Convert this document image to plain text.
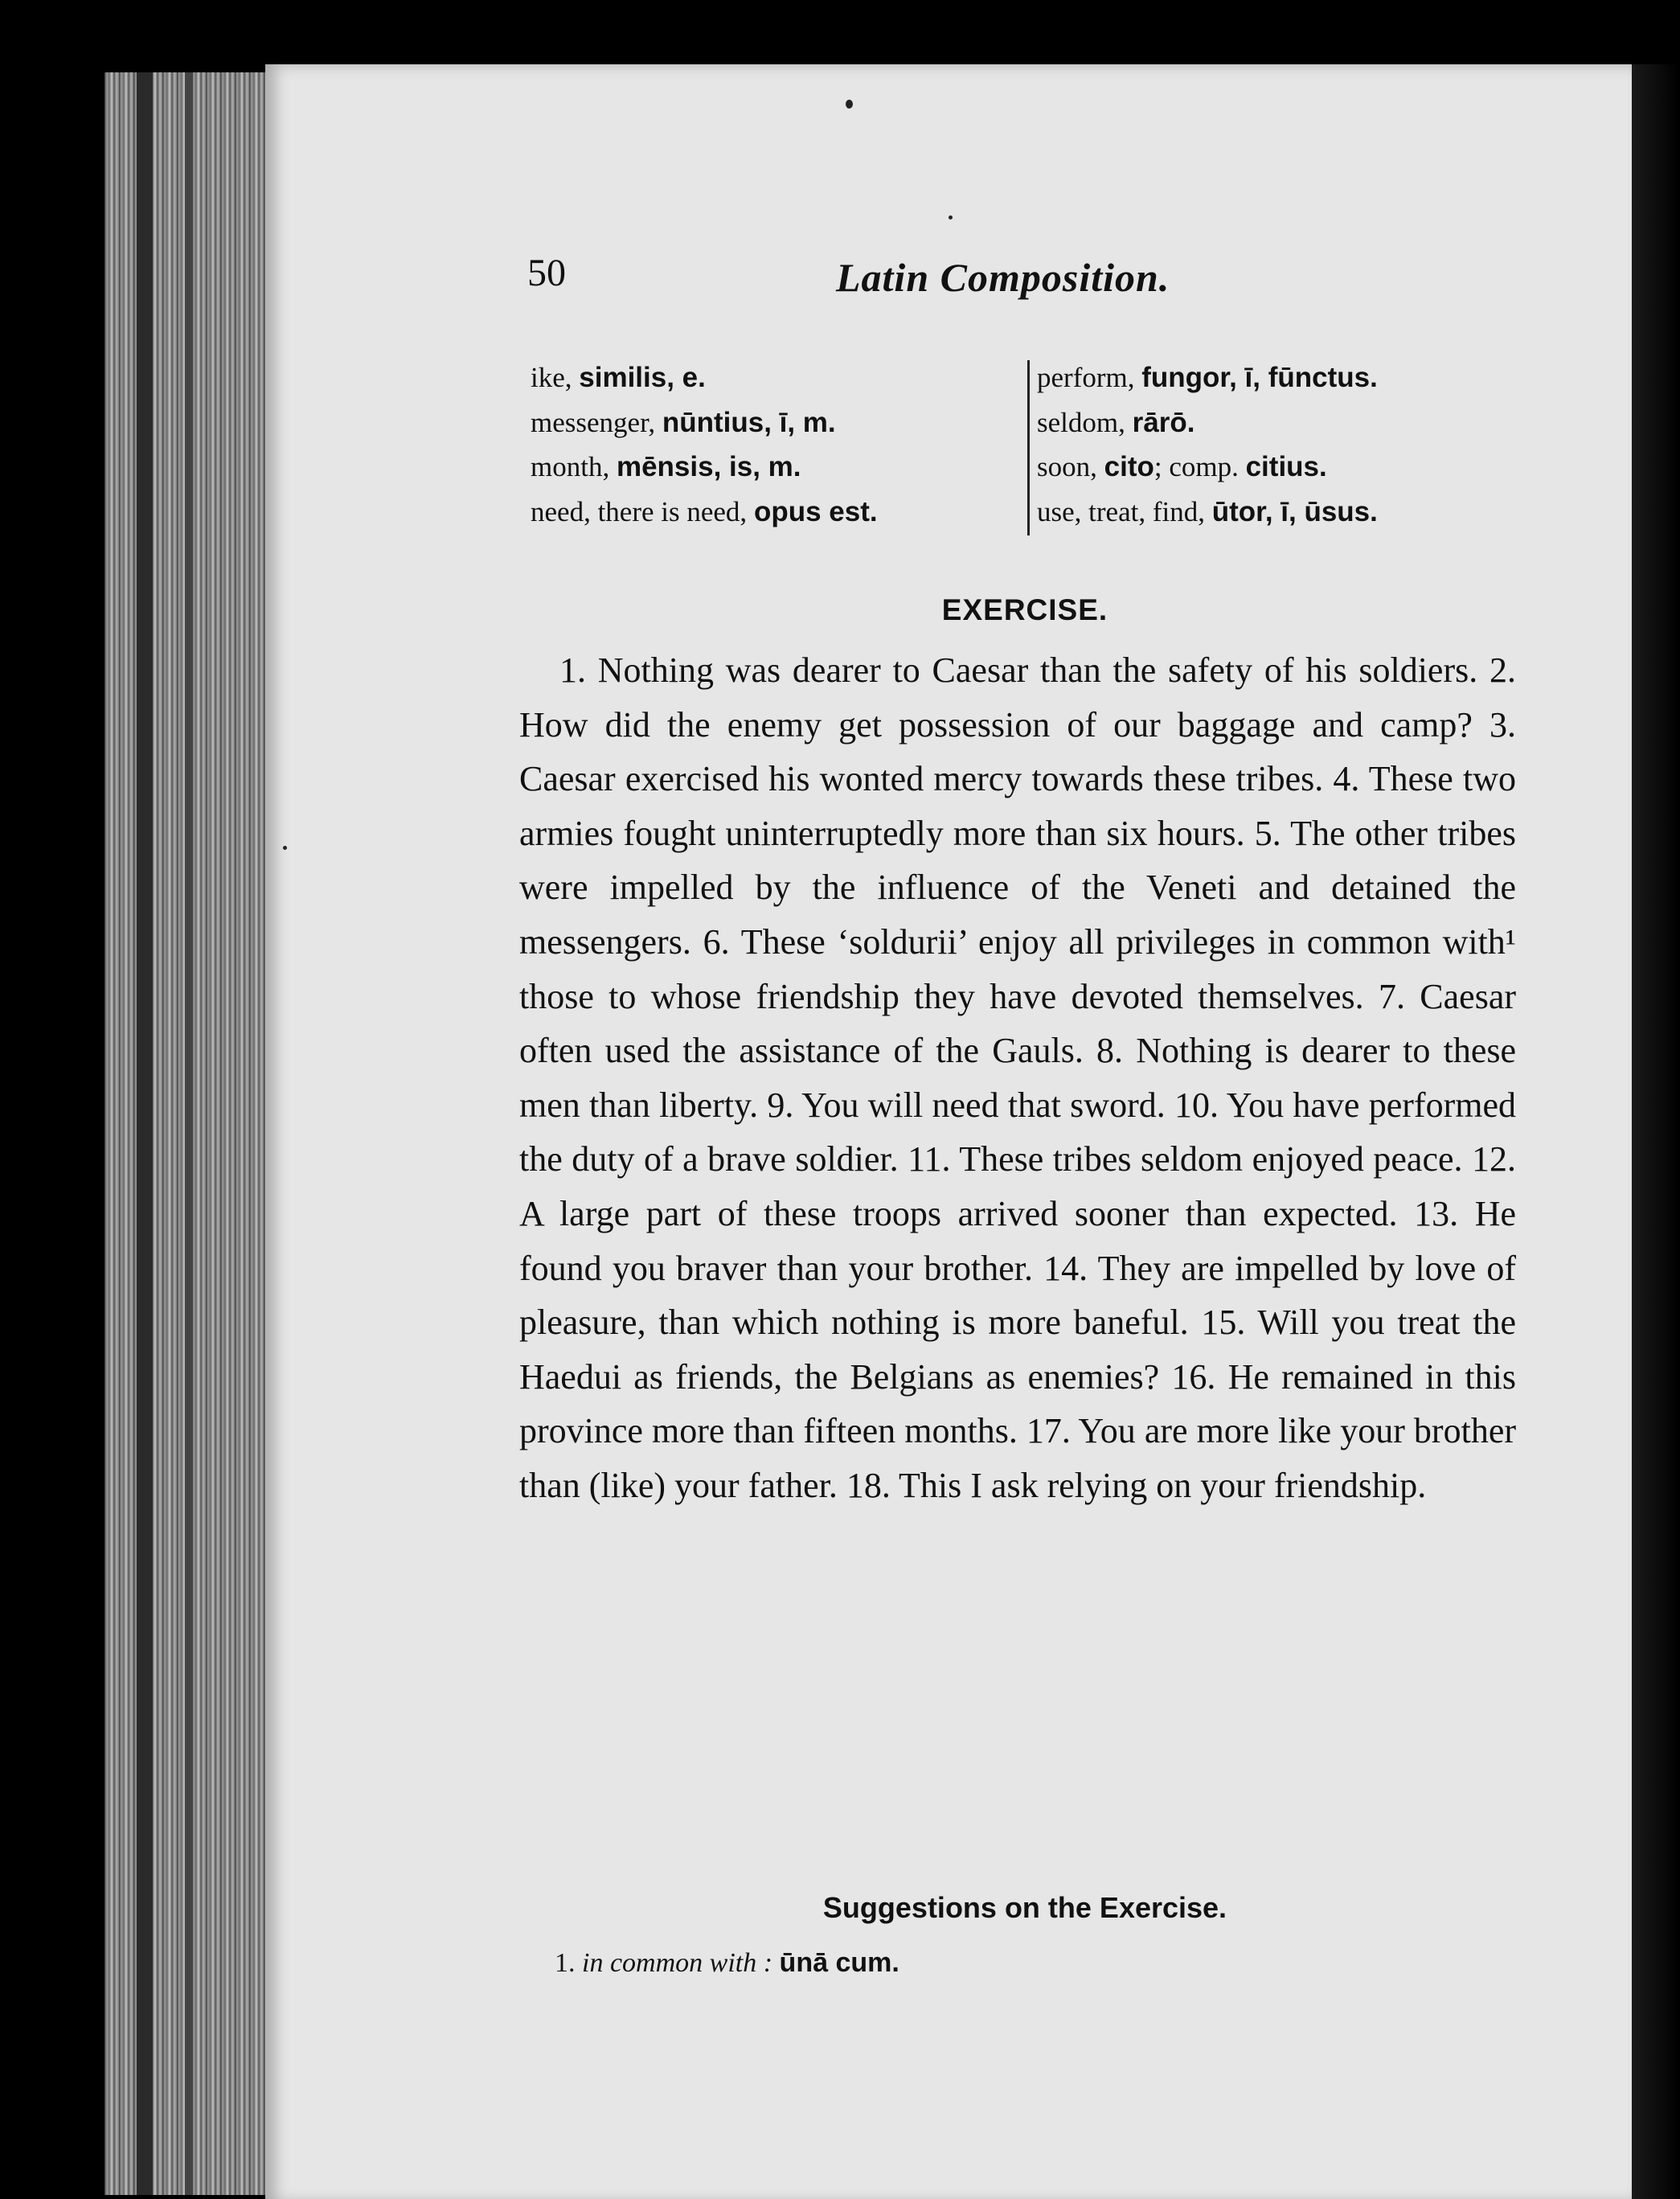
50	Latin Composition.
ike, similis, e.
messenger, nūntius, ī, m.
month, mēnsis, is, m.
need, there is need, opus est.
perform, fungor, ī, fūnctus.
seldom, rārō.
soon, cito; comp. citius.
use, treat, find, ūtor, ī, ūsus.
EXERCISE.

1. Nothing was dearer to Caesar than the safety of his soldiers. 2. How did the enemy get possession of our baggage and camp? 3. Caesar exercised his wonted mercy towards these tribes. 4. These two armies fought uninterruptedly more than six hours. 5. The other tribes were impelled by the influence of the Veneti and detained the messengers. 6. These ‘soldurii’ enjoy all privileges in common with¹ those to whose friendship they have devoted themselves. 7. Caesar often used the assistance of the Gauls. 8. Nothing is dearer to these men than liberty. 9. You will need that sword. 10. You have performed the duty of a brave soldier. 11. These tribes seldom enjoyed peace. 12. A large part of these troops arrived sooner than expected. 13. He found you braver than your brother. 14. They are impelled by love of pleasure, than which nothing is more baneful. 15. Will you treat the Haedui as friends, the Belgians as enemies? 16. He remained in this province more than fifteen months. 17. You are more like your brother than (like) your father. 18. This I ask relying on your friendship.

Suggestions on the Exercise.
1. in common with : ūnā cum.
